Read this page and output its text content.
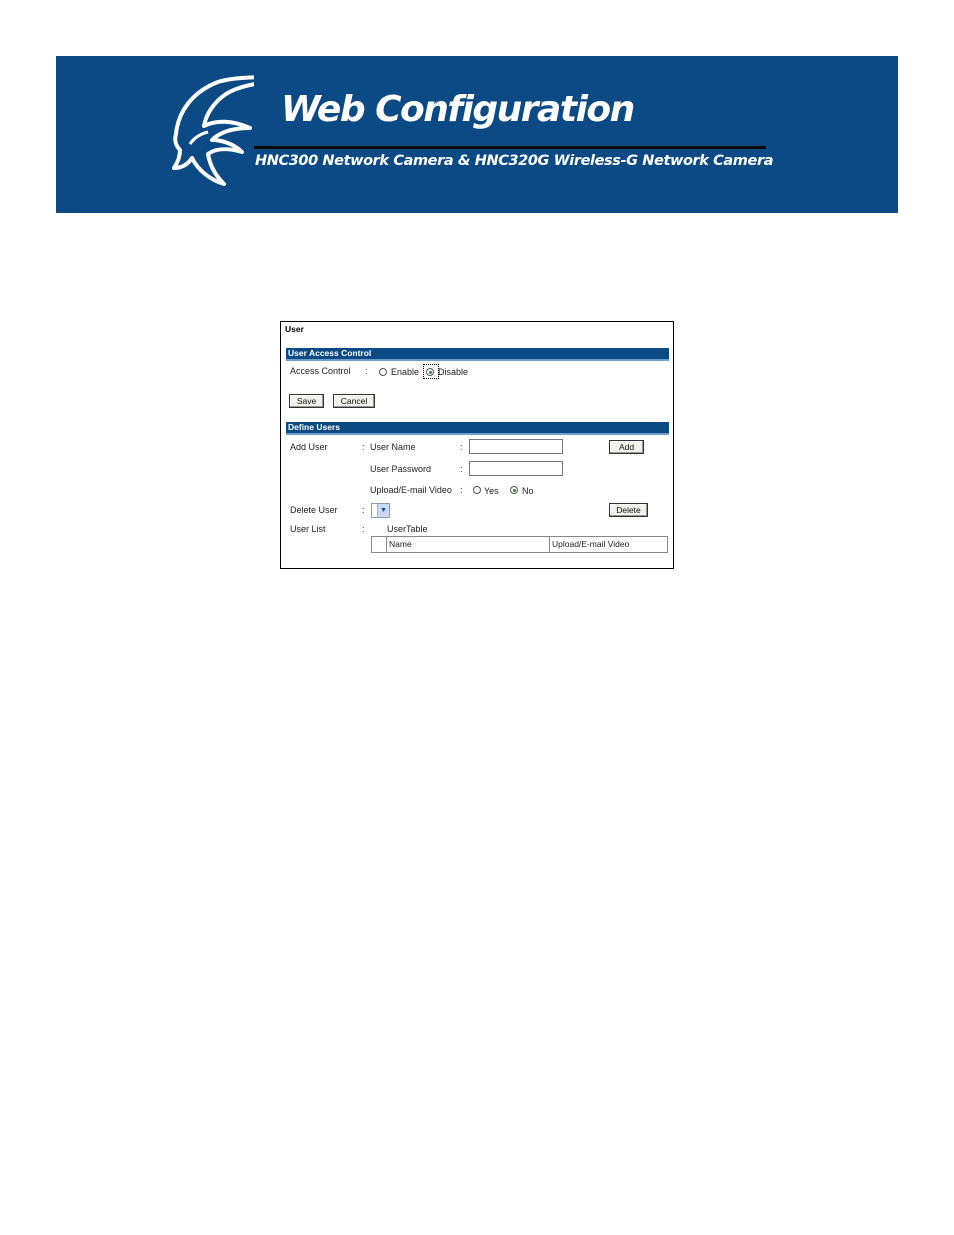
Web Configuration
HNC300 Network Camera & HNC320G Wireless-G Network Camera
User
User Access Control
Access Control :	Enable Disable
Save	Cancel
Define Users
Add User	: User Name	:	Add
User Password	:
Upload/E-mail Video : Yes	No
Delete User	:	▼	Delete
User List	: UserTable
Name	Upload/E-mail Video
